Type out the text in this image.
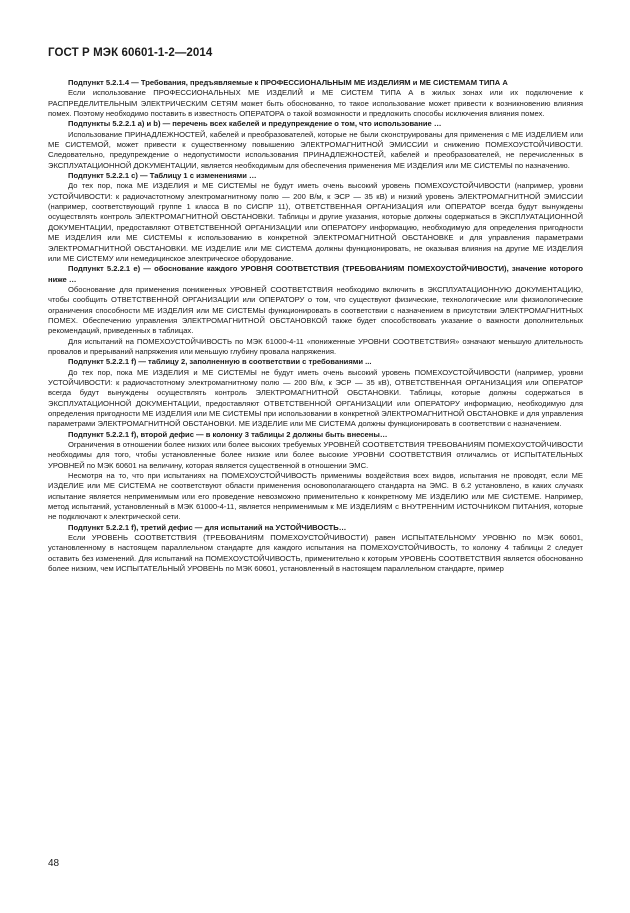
ГОСТ Р МЭК 60601-1-2—2014

Подпункт 5.2.1.4 — Требования, предъявляемые к ПРОФЕССИОНАЛЬНЫМ МЕ ИЗДЕЛИЯМ и МЕ СИСТЕМАМ ТИПА А

Если использование ПРОФЕССИОНАЛЬНЫХ МЕ ИЗДЕЛИЙ и МЕ СИСТЕМ ТИПА А в жилых зонах или их подключение к РАСПРЕДЕЛИТЕЛЬНЫМ ЭЛЕКТРИЧЕСКИМ СЕТЯМ может быть обоснованно, то такое использование может привести к возникновению влияния помех. Поэтому необходимо поставить в известность ОПЕРАТОРА о такой возможности и предложить способы исключения влияния помех.

Подпункты 5.2.2.1 a) и b) — перечень всех кабелей и предупреждение о том, что использование …

Использование ПРИНАДЛЕЖНОСТЕЙ, кабелей и преобразователей, которые не были сконструированы для применения с МЕ ИЗДЕЛИЕМ или МЕ СИСТЕМОЙ, может привести к существенному повышению ЭЛЕКТРОМАГНИТНОЙ ЭМИССИИ и снижению ПОМЕХОУСТОЙЧИВОСТИ. Следовательно, предупреждение о недопустимости использования ПРИНАДЛЕЖНОСТЕЙ, кабелей и преобразователей, не перечисленных в ЭКСПЛУАТАЦИОННОЙ ДОКУМЕНТАЦИИ, является необходимым для обеспечения применения МЕ ИЗДЕЛИЯ или МЕ СИСТЕМЫ по назначению.

Подпункт 5.2.2.1 c) — Таблицу 1 с изменениями …

До тех пор, пока МЕ ИЗДЕЛИЯ и МЕ СИСТЕМЫ не будут иметь очень высокий уровень ПОМЕХОУСТОЙЧИВОСТИ (например, уровни УСТОЙЧИВОСТИ: к радиочастотному электромагнитному полю — 200 В/м, к ЭСР — 35 кВ) и низкий уровень ЭЛЕКТРОМАГНИТНОЙ ЭМИССИИ (например, соответствующий группе 1 класса В по СИСПР 11), ОТВЕТСТВЕННАЯ ОРГАНИЗАЦИЯ или ОПЕРАТОР всегда будут вынуждены осуществлять контроль ЭЛЕКТРОМАГНИТНОЙ ОБСТАНОВКИ. Таблицы и другие указания, которые должны содержаться в ЭКСПЛУАТАЦИОННОЙ ДОКУМЕНТАЦИИ, предоставляют ОТВЕТСТВЕННОЙ ОРГАНИЗАЦИИ или ОПЕРАТОРУ информацию, необходимую для определения пригодности МЕ ИЗДЕЛИЯ или МЕ СИСТЕМЫ к использованию в конкретной ЭЛЕКТРОМАГНИТНОЙ ОБСТАНОВКЕ и для управления параметрами ЭЛЕКТРОМАГНИТНОЙ ОБСТАНОВКИ. МЕ ИЗДЕЛИЕ или МЕ СИСТЕМА должны функционировать, не оказывая влияния на другие МЕ ИЗДЕЛИЯ или МЕ СИСТЕМУ или немедицинское электрическое оборудование.

Подпункт 5.2.2.1 e) — обоснование каждого УРОВНЯ СООТВЕТСТВИЯ (ТРЕБОВАНИЯМ ПОМЕХОУСТОЙЧИВОСТИ), значение которого ниже …

Обоснование для применения пониженных УРОВНЕЙ СООТВЕТСТВИЯ необходимо включить в ЭКСПЛУАТАЦИОННУЮ ДОКУМЕНТАЦИЮ, чтобы сообщить ОТВЕТСТВЕННОЙ ОРГАНИЗАЦИИ или ОПЕРАТОРУ о том, что существуют физические, технологические или физиологические ограничения способности МЕ ИЗДЕЛИЯ или МЕ СИСТЕМЫ функционировать в соответствии с назначением в присутствии ЭЛЕКТРОМАГНИТНЫХ ПОМЕХ. Обеспечению управления ЭЛЕКТРОМАГНИТНОЙ ОБСТАНОВКОЙ также будет способствовать указание о важности дополнительных рекомендаций, приведенных в таблицах.

Для испытаний на ПОМЕХОУСТОЙЧИВОСТЬ по МЭК 61000-4-11 «пониженные УРОВНИ СООТВЕТСТВИЯ» означают меньшую длительность провалов и прерываний напряжения или меньшую глубину провала напряжения.

Подпункт 5.2.2.1 f) — таблицу 2, заполненную в соответствии с требованиями ...

До тех пор, пока МЕ ИЗДЕЛИЯ и МЕ СИСТЕМЫ не будут иметь очень высокий уровень ПОМЕХОУСТОЙЧИВОСТИ (например, уровни УСТОЙЧИВОСТИ: к радиочастотному электромагнитному полю — 200 В/м, к ЭСР — 35 кВ), ОТВЕТСТВЕННАЯ ОРГАНИЗАЦИЯ или ОПЕРАТОР всегда будут вынуждены осуществлять контроль ЭЛЕКТРОМАГНИТНОЙ ОБСТАНОВКИ. Таблицы, которые должны содержаться в ЭКСПЛУАТАЦИОННОЙ ДОКУМЕНТАЦИИ, предоставляют ОТВЕТСТВЕННОЙ ОРГАНИЗАЦИИ или ОПЕРАТОРУ информацию, необходимую для определения пригодности МЕ ИЗДЕЛИЯ или МЕ СИСТЕМЫ при использовании в конкретной ЭЛЕКТРОМАГНИТНОЙ ОБСТАНОВКЕ и для управления параметрами ЭЛЕКТРОМАГНИТНОЙ ОБСТАНОВКИ. МЕ ИЗДЕЛИЕ или МЕ СИСТЕМА должны функционировать в соответствии с назначением.

Подпункт 5.2.2.1 f), второй дефис — в колонку 3 таблицы 2 должны быть внесены…

Ограничения в отношении более низких или более высоких требуемых УРОВНЕЙ СООТВЕТСТВИЯ ТРЕБОВАНИЯМ ПОМЕХОУСТОЙЧИВОСТИ необходимы для того, чтобы установленные более низкие или более высокие УРОВНИ СООТВЕТСТВИЯ отличались от ИСПЫТАТЕЛЬНЫХ УРОВНЕЙ по МЭК 60601 на величину, которая является существенной в отношении ЭМС.

Несмотря на то, что при испытаниях на ПОМЕХОУСТОЙЧИВОСТЬ применимы воздействия всех видов, испытания не проводят, если МЕ ИЗДЕЛИЕ или МЕ СИСТЕМА не соответствуют области применения основополагающего стандарта на ЭМС. В 6.2 установлено, в каких случаях испытание является неприменимым или его проведение невозможно применительно к конкретному МЕ ИЗДЕЛИЮ или МЕ СИСТЕМЕ. Например, метод испытаний, установленный в МЭК 61000-4-11, является неприменимым к МЕ ИЗДЕЛИЯМ с ВНУТРЕННИМ ИСТОЧНИКОМ ПИТАНИЯ, которые не подключают к электрической сети.

Подпункт 5.2.2.1 f), третий дефис — для испытаний на УСТОЙЧИВОСТЬ…

Если УРОВЕНЬ СООТВЕТСТВИЯ (ТРЕБОВАНИЯМ ПОМЕХОУСТОЙЧИВОСТИ) равен ИСПЫТАТЕЛЬНОМУ УРОВНЮ по МЭК 60601, установленному в настоящем параллельном стандарте для каждого испытания на ПОМЕХОУСТОЙЧИВОСТЬ, то колонку 4 таблицы 2 следует оставить без изменений. Для испытаний на ПОМЕХОУСТОЙЧИВОСТЬ, применительно к которым УРОВЕНЬ СООТВЕТСТВИЯ является обоснованно более низким, чем ИСПЫТАТЕЛЬНЫЙ УРОВЕНЬ по МЭК 60601, установленный в настоящем параллельном стандарте, пример

48
